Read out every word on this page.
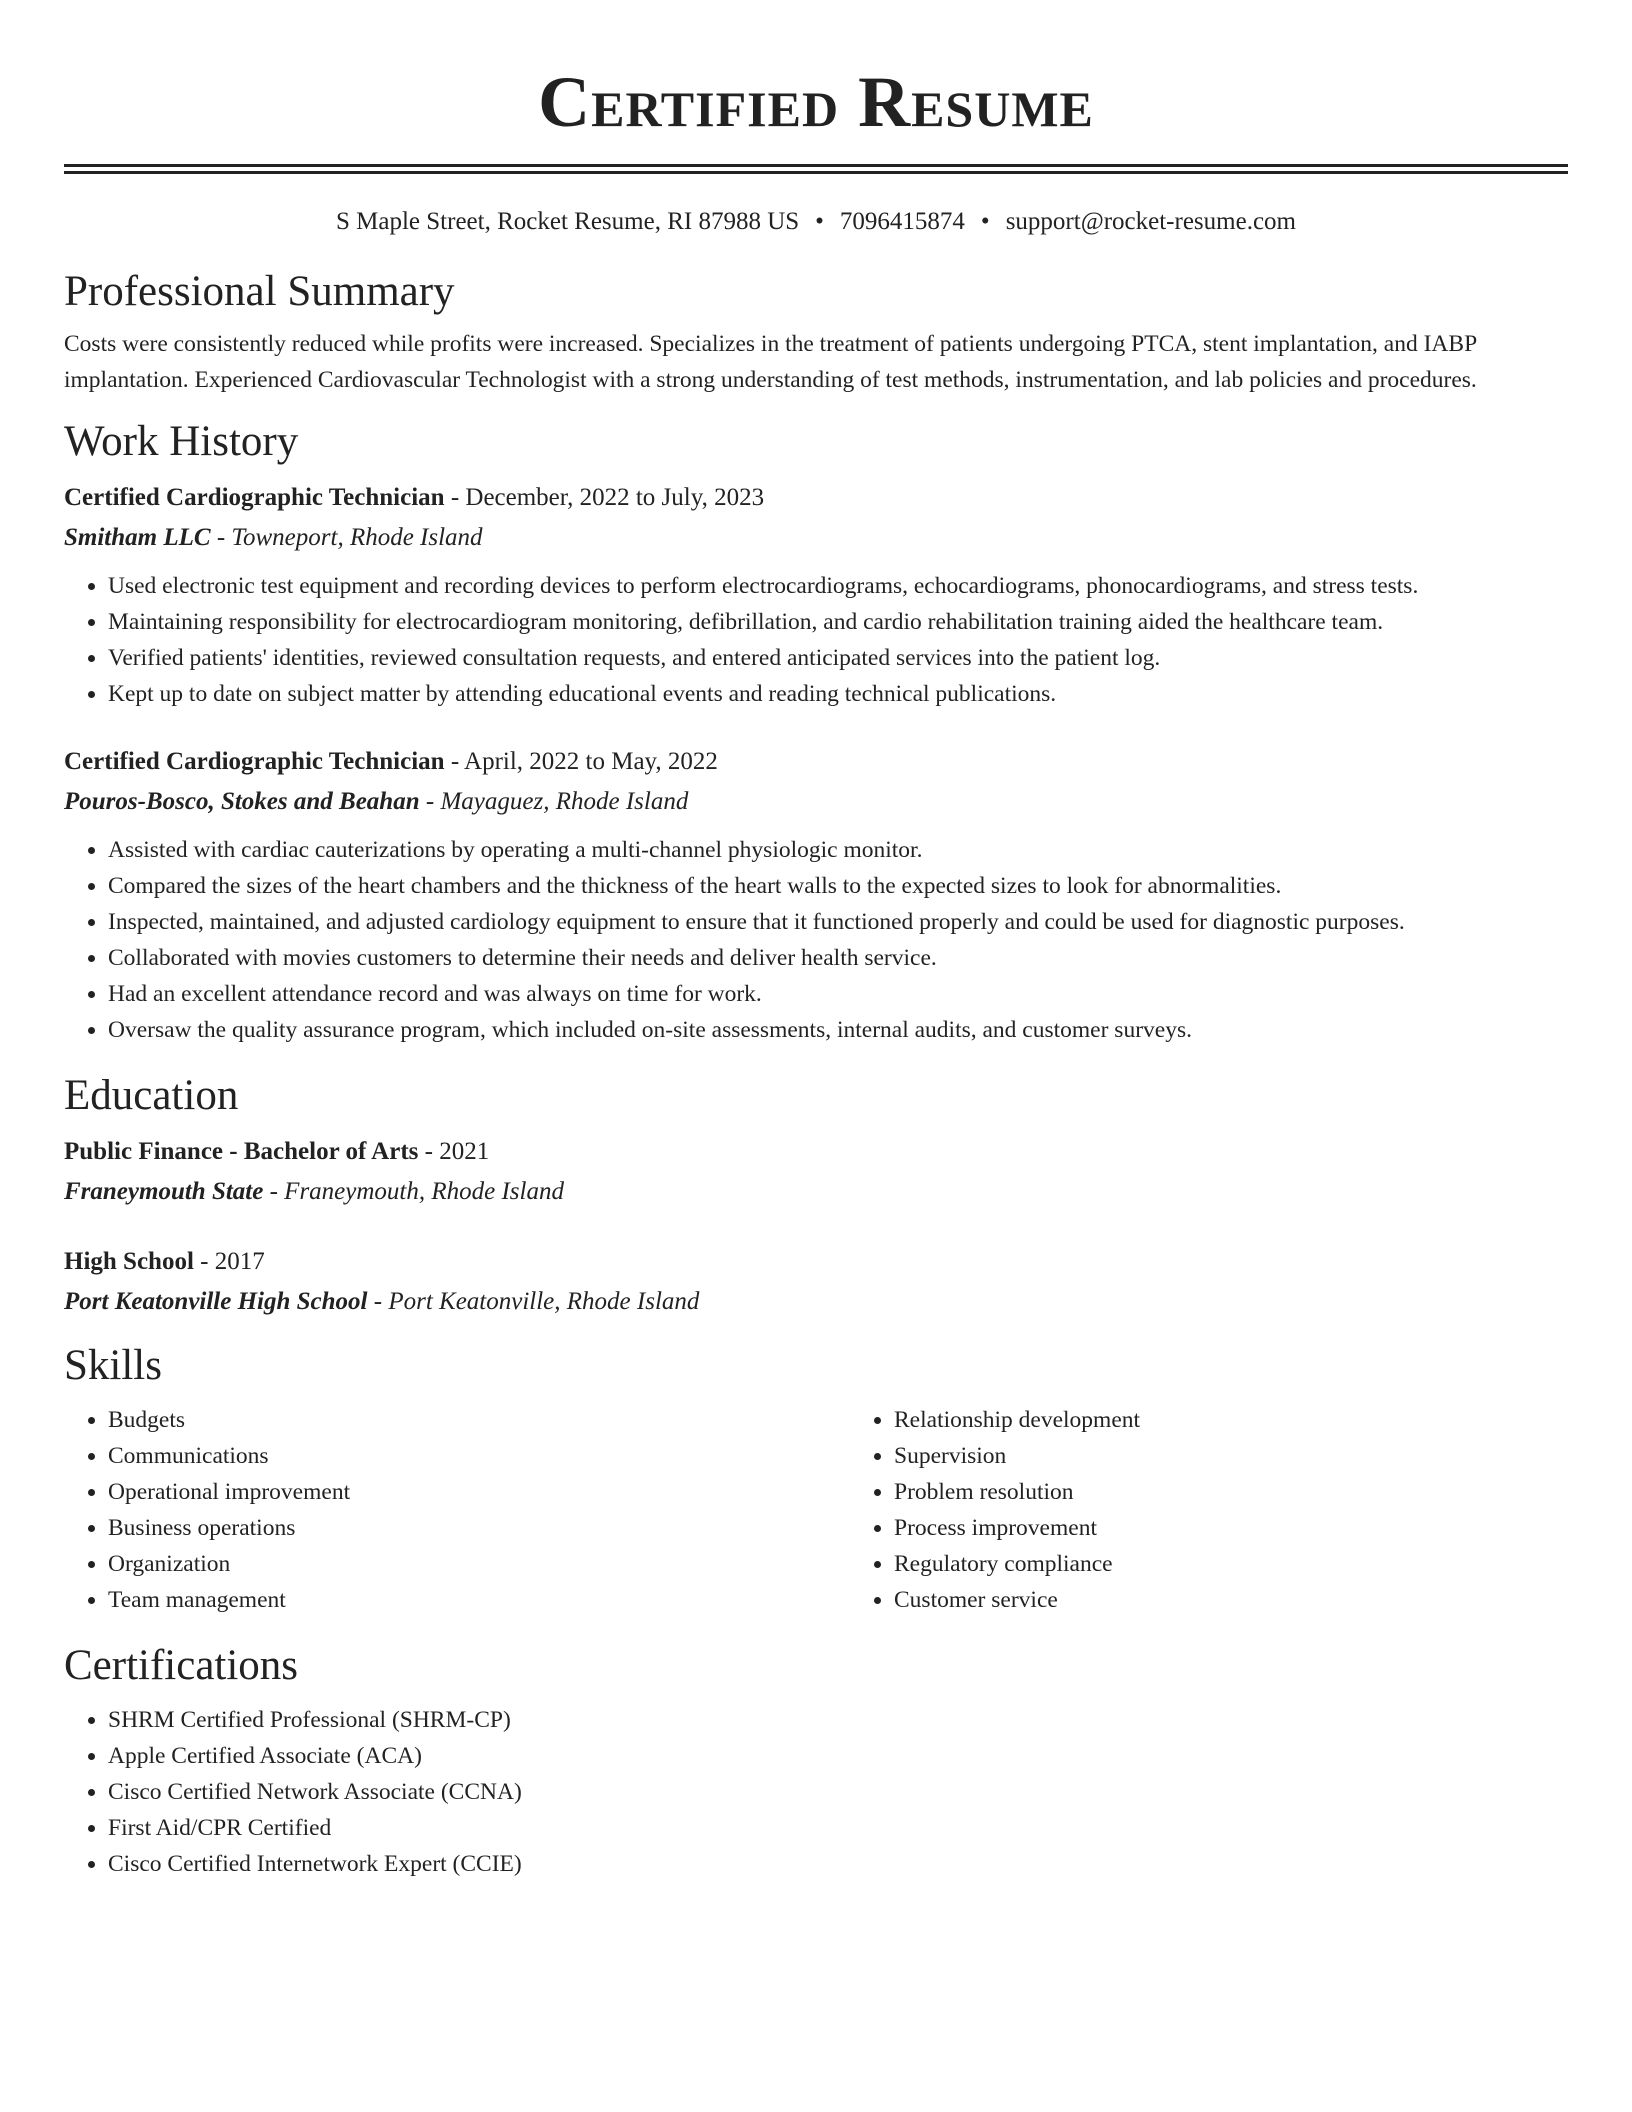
Certified Resume
S Maple Street, Rocket Resume, RI 87988 US • 7096415874 • support@rocket-resume.com
Professional Summary

Costs were consistently reduced while profits were increased. Specializes in the treatment of patients undergoing PTCA, stent implantation, and IABP implantation. Experienced Cardiovascular Technologist with a strong understanding of test methods, instrumentation, and lab policies and procedures.

Work History
Certified Cardiographic Technician - December, 2022 to July, 2023
Smitham LLC - Towneport, Rhode Island
• Used electronic test equipment and recording devices to perform electrocardiograms, echocardiograms, phonocardiograms, and stress tests.
• Maintaining responsibility for electrocardiogram monitoring, defibrillation, and cardio rehabilitation training aided the healthcare team.
• Verified patients' identities, reviewed consultation requests, and entered anticipated services into the patient log.
• Kept up to date on subject matter by attending educational events and reading technical publications.
Certified Cardiographic Technician - April, 2022 to May, 2022
Pouros-Bosco, Stokes and Beahan - Mayaguez, Rhode Island
• Assisted with cardiac cauterizations by operating a multi-channel physiologic monitor.
• Compared the sizes of the heart chambers and the thickness of the heart walls to the expected sizes to look for abnormalities.
• Inspected, maintained, and adjusted cardiology equipment to ensure that it functioned properly and could be used for diagnostic purposes.
• Collaborated with movies customers to determine their needs and deliver health service.
• Had an excellent attendance record and was always on time for work.
• Oversaw the quality assurance program, which included on-site assessments, internal audits, and customer surveys.
Education
Public Finance - Bachelor of Arts - 2021
Franeymouth State - Franeymouth, Rhode Island
High School - 2017
Port Keatonville High School - Port Keatonville, Rhode Island
Skills
• Budgets
• Communications
• Operational improvement
• Business operations
• Organization
• Team management
• Relationship development
• Supervision
• Problem resolution
• Process improvement
• Regulatory compliance
• Customer service
Certifications
• SHRM Certified Professional (SHRM-CP)
• Apple Certified Associate (ACA)
• Cisco Certified Network Associate (CCNA)
• First Aid/CPR Certified
• Cisco Certified Internetwork Expert (CCIE)
